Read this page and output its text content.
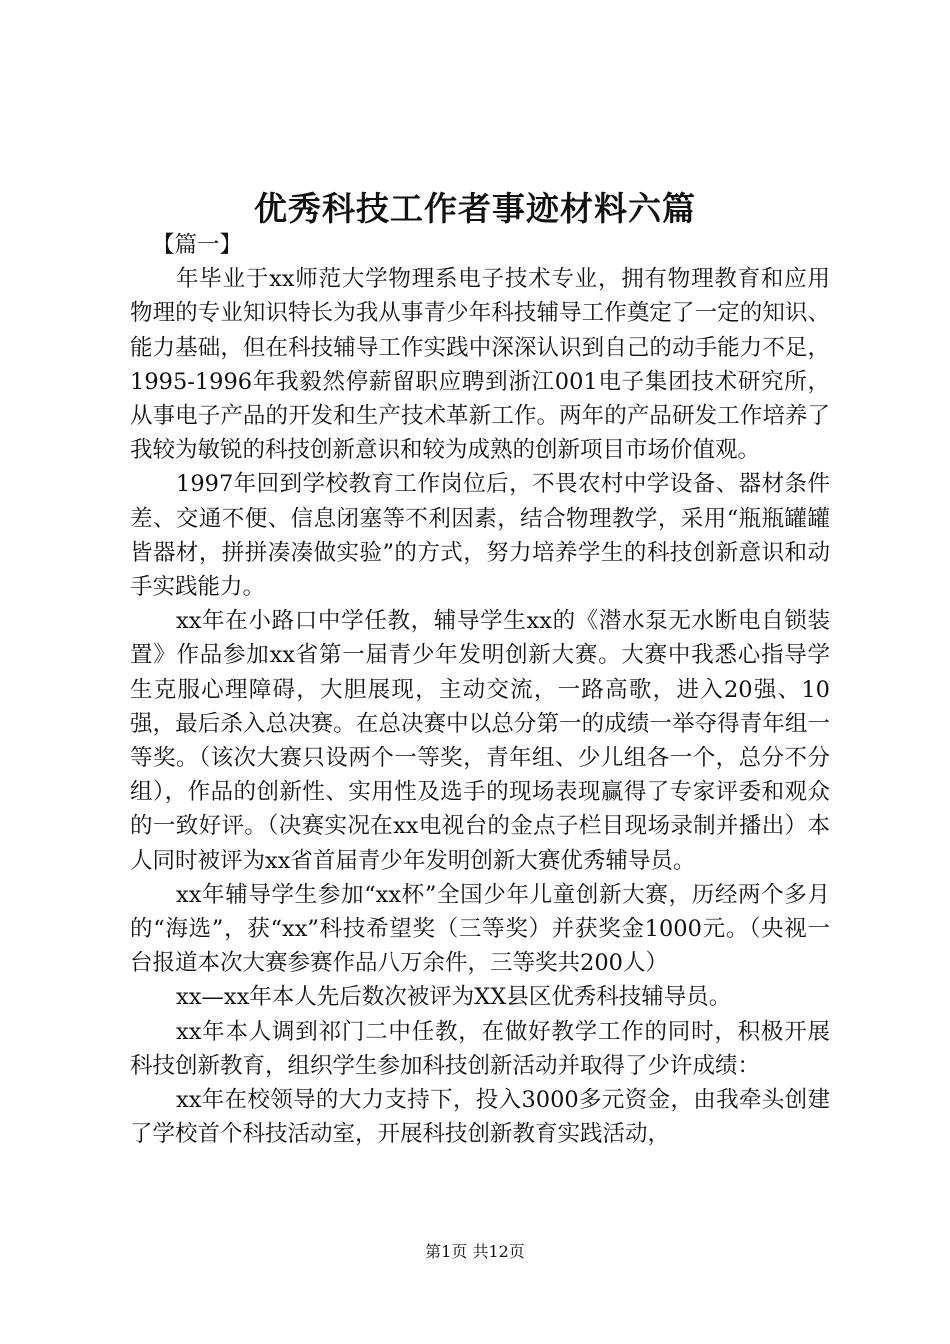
优秀科技工作者事迹材料六篇

【篇一】

年毕业于xx师范大学物理系电子技术专业，拥有物理教育和应用物理的专业知识特长为我从事青少年科技辅导工作奠定了一定的知识、能力基础，但在科技辅导工作实践中深深认识到自己的动手能力不足，1995-1996年我毅然停薪留职应聘到浙江001电子集团技术研究所，从事电子产品的开发和生产技术革新工作。两年的产品研发工作培养了我较为敏锐的科技创新意识和较为成熟的创新项目市场价值观。

1997年回到学校教育工作岗位后，不畏农村中学设备、器材条件差、交通不便、信息闭塞等不利因素，结合物理教学，采用“瓶瓶罐罐皆器材，拼拼凑凑做实验”的方式，努力培养学生的科技创新意识和动手实践能力。

xx年在小路口中学任教，辅导学生xx的《潜水泵无水断电自锁装置》作品参加xx省第一届青少年发明创新大赛。大赛中我悉心指导学生克服心理障碍，大胆展现，主动交流，一路高歌，进入20强、10强，最后杀入总决赛。在总决赛中以总分第一的成绩一举夺得青年组一等奖。（该次大赛只设两个一等奖，青年组、少儿组各一个，总分不分组），作品的创新性、实用性及选手的现场表现赢得了专家评委和观众的一致好评。（决赛实况在xx电视台的金点子栏目现场录制并播出）本人同时被评为xx省首届青少年发明创新大赛优秀辅导员。

xx年辅导学生参加“xx杯”全国少年儿童创新大赛，历经两个多月的“海选”，获“xx”科技希望奖（三等奖）并获奖金1000元。（央视一台报道本次大赛参赛作品八万余件，三等奖共200人）

xx—xx年本人先后数次被评为XX县区优秀科技辅导员。

xx年本人调到祁门二中任教，在做好教学工作的同时，积极开展科技创新教育，组织学生参加科技创新活动并取得了少许成绩：

xx年在校领导的大力支持下，投入3000多元资金，由我牵头创建了学校首个科技活动室，开展科技创新教育实践活动，

第1页 共12页
